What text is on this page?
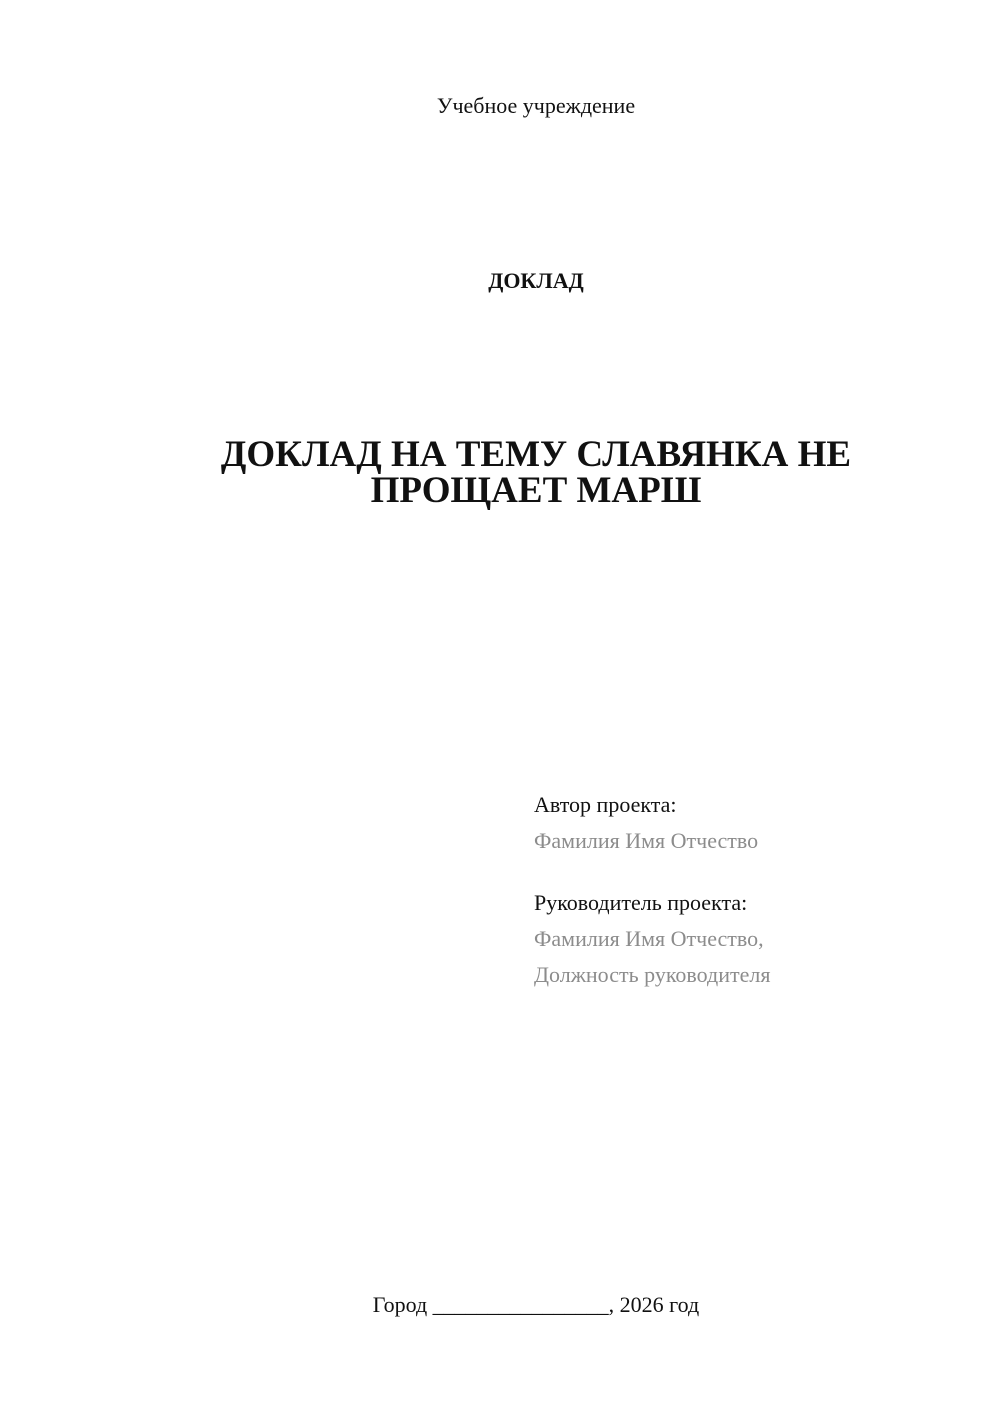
Учебное учреждение
ДОКЛАД
ДОКЛАД НА ТЕМУ СЛАВЯНКА НЕ ПРОЩАЕТ МАРШ
Автор проекта:
Фамилия Имя Отчество
Руководитель проекта:
Фамилия Имя Отчество,
Должность руководителя
Город ________________, 2026 год
